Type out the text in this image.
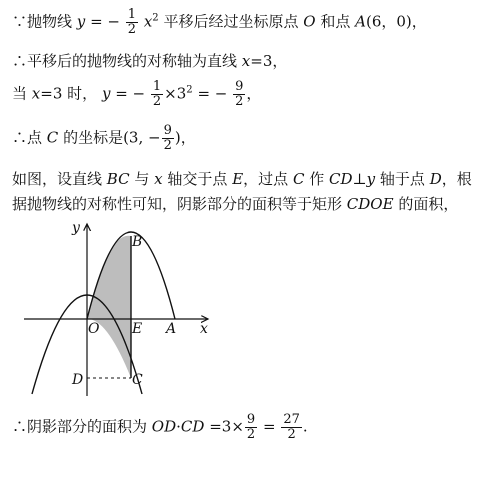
∵抛物线 y = − $\frac{1}{2} x^2$ 平移后经过坐标原点 O 和点 A(6，0)，
∴平移后的抛物线的对称轴为直线 x=3，
当 x=3 时， y = − $\frac{1}{2} \times 3^2$ = − $\frac{9}{2}$ ，
∴点 C 的坐标是(3, − $\frac{9}{2}$ )，
如图，设直线 BC 与 x 轴交于点 E，过点 C 作 CD⊥y 轴于点 D，根
据抛物线的对称性可知，阴影部分的面积等于矩形 CDOE 的面积，
y
x
O E A
B
C
D
∴阴影部分的面积为 $OD\cdot CD =3\times \frac{9}{2} = \frac{27}{2}$ .
